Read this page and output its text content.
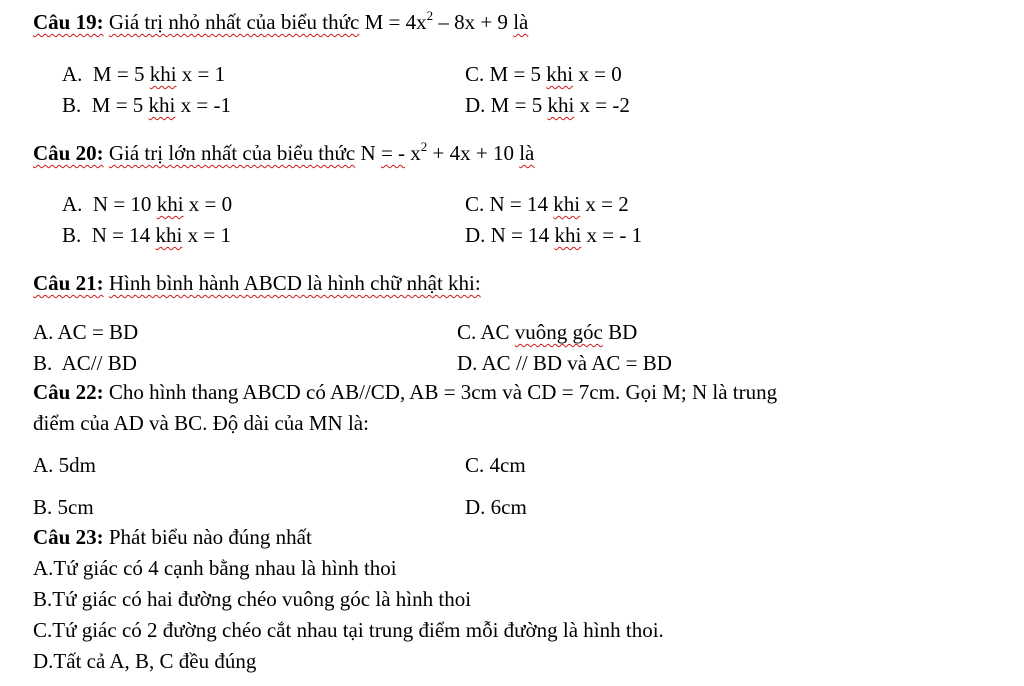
Câu 19: Giá trị nhỏ nhất của biểu thức $M = 4x^2 - 8x + 9$ là
A. M = 5 khi x = 1
B. M = 5 khi x = -1
C. M = 5 khi x = 0
D. M = 5 khi x = -2
Câu 20: Giá trị lớn nhất của biểu thức N = - $x^2 + 4x + 10$ là
A. N = 10 khi x = 0
B. N = 14 khi x = 1
C. N = 14 khi x = 2
D. N = 14 khi x = - 1
Câu 21: Hình bình hành ABCD là hình chữ nhật khi:
A. AC = BD
B. AC// BD
C. AC vuông góc BD
D. AC // BD và AC = BD
Câu 22: Cho hình thang ABCD có AB//CD, AB = 3cm và CD = 7cm. Gọi M; N là trung
điểm của AD và BC. Độ dài của MN là:
A. 5dm
B. 5cm
C. 4cm
D. 6cm
Câu 23: Phát biểu nào đúng nhất
A.Tứ giác có 4 cạnh bằng nhau là hình thoi
B.Tứ giác có hai đường chéo vuông góc là hình thoi
C.Tứ giác có 2 đường chéo cắt nhau tại trung điểm mỗi đường là hình thoi.
D.Tất cả A, B, C đều đúng
